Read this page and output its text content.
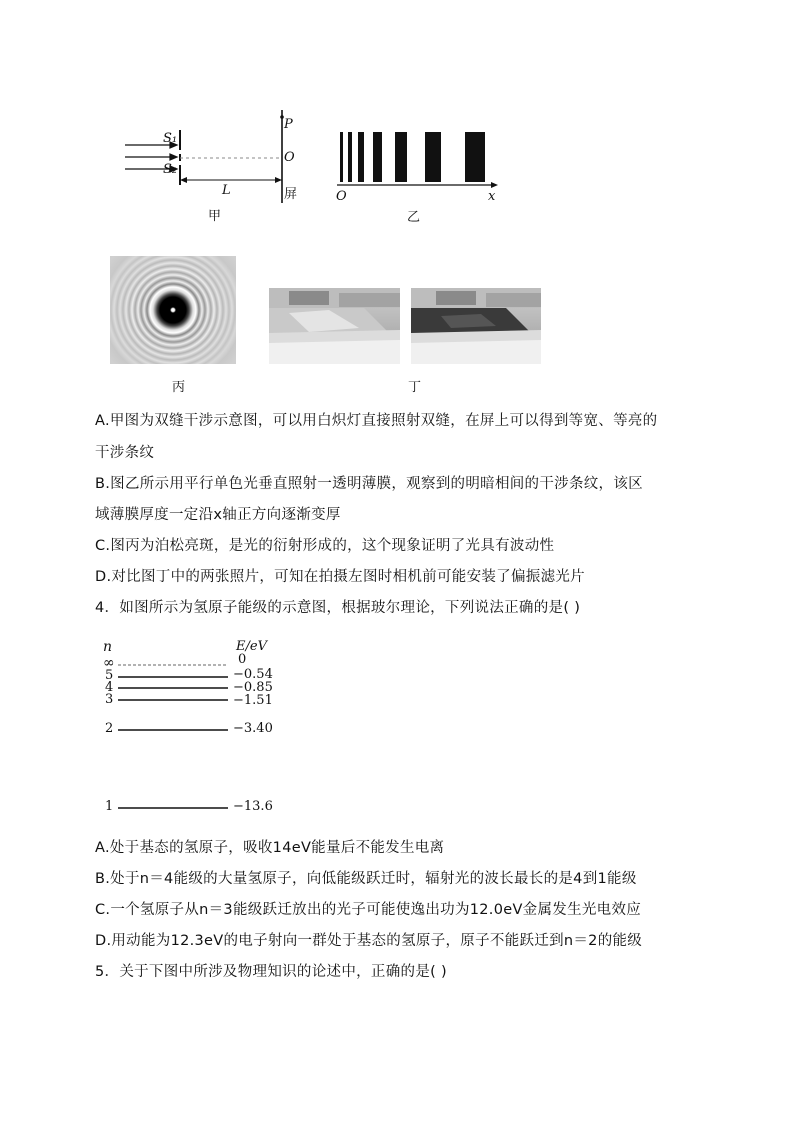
S₁
S₂
P
O
屏
L
甲
O	x
乙
丙	丁
A.甲图为双缝干涉示意图，可以用白炽灯直接照射双缝，在屏上可以得到等宽、等亮的
干涉条纹
B.图乙所示用平行单色光垂直照射一透明薄膜，观察到的明暗相间的干涉条纹，该区
域薄膜厚度一定沿x轴正方向逐渐变厚
C.图丙为泊松亮斑，是光的衍射形成的，这个现象证明了光具有波动性
D.对比图丁中的两张照片，可知在拍摄左图时相机前可能安装了偏振滤光片
4．如图所示为氢原子能级的示意图，根据玻尔理论，下列说法正确的是( )
n	E/eV
∞	0
5	−0.54
4	−0.85
3	−1.51
2	−3.40
1	−13.6
A.处于基态的氢原子，吸收14eV能量后不能发生电离
B.处于n＝4能级的大量氢原子，向低能级跃迁时，辐射光的波长最长的是4到1能级
C.一个氢原子从n＝3能级跃迁放出的光子可能使逸出功为12.0eV金属发生光电效应
D.用动能为12.3eV的电子射向一群处于基态的氢原子，原子不能跃迁到n＝2的能级
5．关于下图中所涉及物理知识的论述中，正确的是( )
